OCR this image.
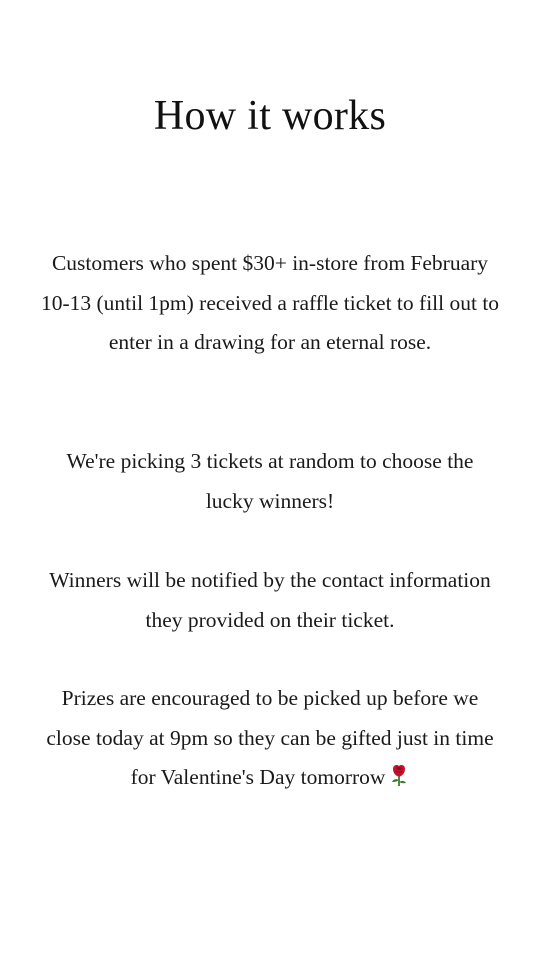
How it works
Customers who spent $30+ in-store from February 10-13 (until 1pm) received a raffle ticket to fill out to enter in a drawing for an eternal rose.
We're picking 3 tickets at random to choose the lucky winners!
Winners will be notified by the contact information they provided on their ticket.
Prizes are encouraged to be picked up before we close today at 9pm so they can be gifted just in time for Valentine's Day tomorrow
